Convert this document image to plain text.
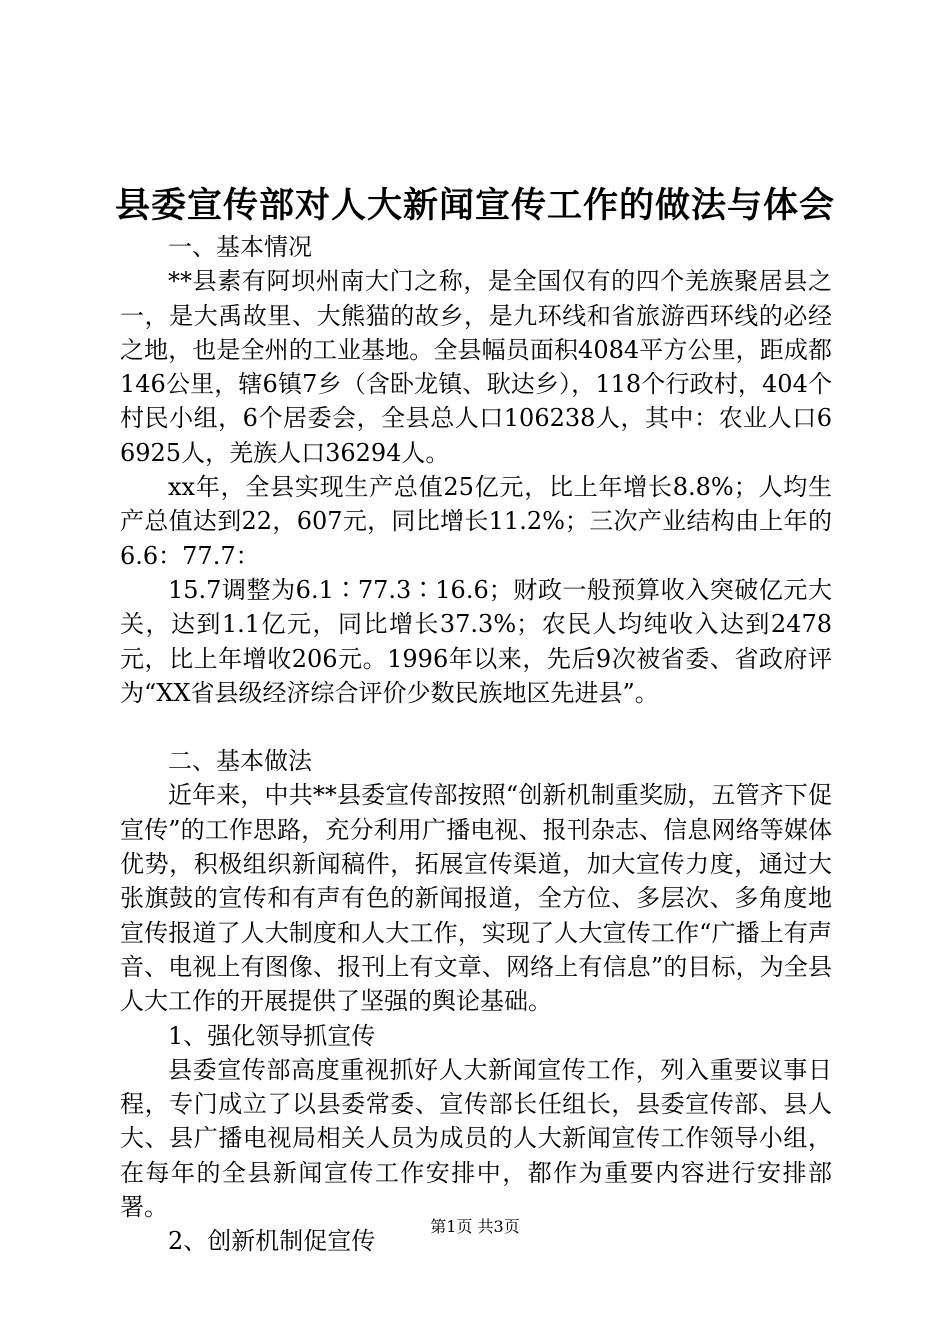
县委宣传部对人大新闻宣传工作的做法与体会

一、基本情况

**县素有阿坝州南大门之称，是全国仅有的四个羌族聚居县之一，是大禹故里、大熊猫的故乡，是九环线和省旅游西环线的必经之地，也是全州的工业基地。全县幅员面积4084平方公里，距成都146公里，辖6镇7乡（含卧龙镇、耿达乡），118个行政村，404个村民小组，6个居委会，全县总人口106238人，其中：农业人口66925人，羌族人口36294人。

xx年，全县实现生产总值25亿元，比上年增长8.8%；人均生产总值达到22，607元，同比增长11.2%；三次产业结构由上年的6.6：77.7：

15.7调整为6.1∶77.3∶16.6；财政一般预算收入突破亿元大关，达到1.1亿元，同比增长37.3%；农民人均纯收入达到2478元，比上年增收206元。1996年以来，先后9次被省委、省政府评为“XX省县级经济综合评价少数民族地区先进县”。

二、基本做法

近年来，中共**县委宣传部按照“创新机制重奖励，五管齐下促宣传”的工作思路，充分利用广播电视、报刊杂志、信息网络等媒体优势，积极组织新闻稿件，拓展宣传渠道，加大宣传力度，通过大张旗鼓的宣传和有声有色的新闻报道，全方位、多层次、多角度地宣传报道了人大制度和人大工作，实现了人大宣传工作“广播上有声音、电视上有图像、报刊上有文章、网络上有信息”的目标，为全县人大工作的开展提供了坚强的舆论基础。

1、强化领导抓宣传

县委宣传部高度重视抓好人大新闻宣传工作，列入重要议事日程，专门成立了以县委常委、宣传部长任组长，县委宣传部、县人大、县广播电视局相关人员为成员的人大新闻宣传工作领导小组，在每年的全县新闻宣传工作安排中，都作为重要内容进行安排部署。

2、创新机制促宣传

第1页 共3页
